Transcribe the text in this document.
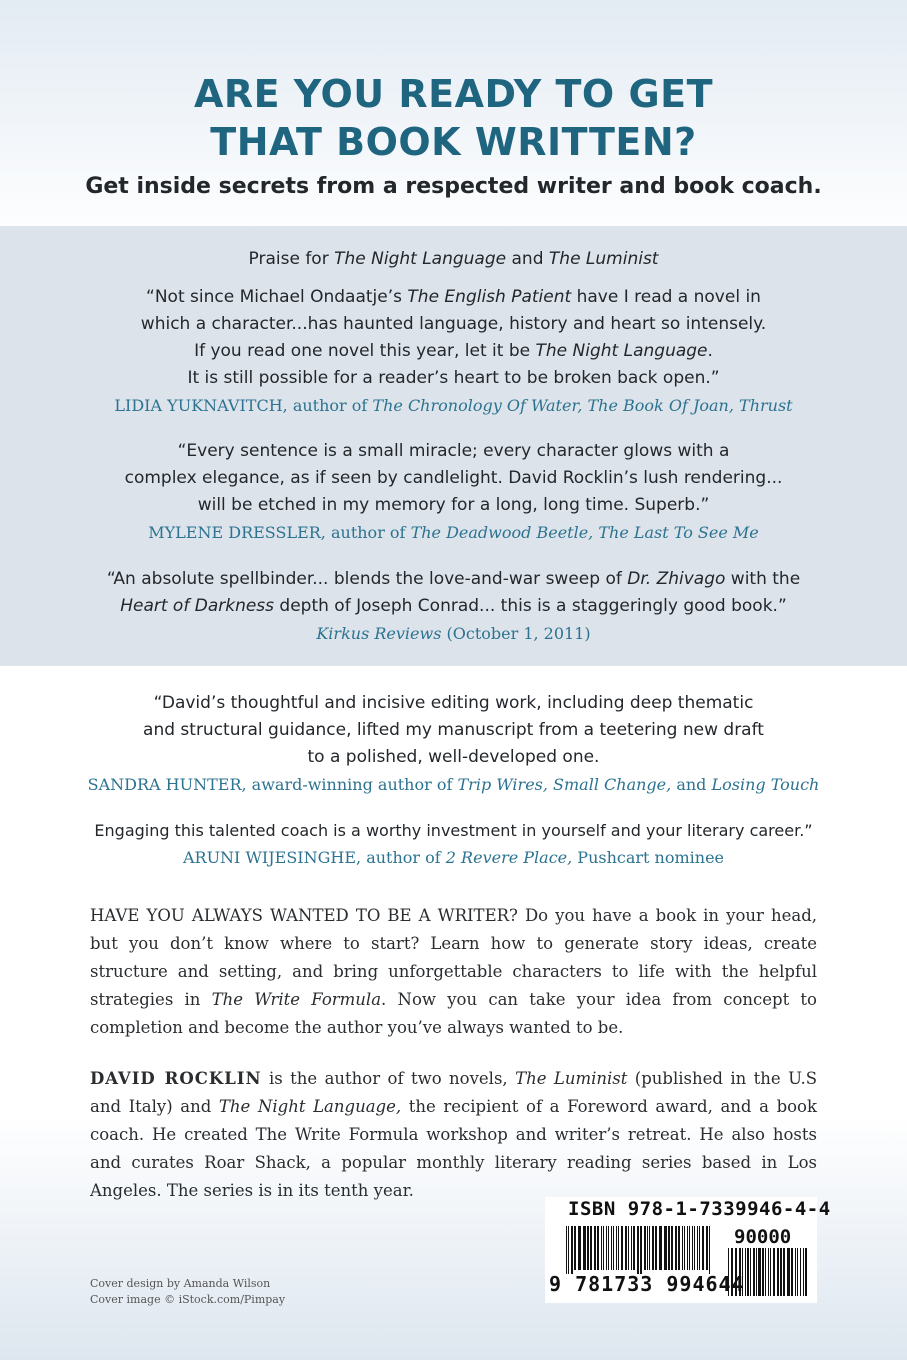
ARE YOU READY TO GET
THAT BOOK WRITTEN?
Get inside secrets from a respected writer and book coach.
Praise for The Night Language and The Luminist
“Not since Michael Ondaatje’s The English Patient have I read a novel in
which a character...has haunted language, history and heart so intensely.
If you read one novel this year, let it be The Night Language.
It is still possible for a reader’s heart to be broken back open.”
LIDIA YUKNAVITCH, author of The Chronology Of Water, The Book Of Joan, Thrust
“Every sentence is a small miracle; every character glows with a
complex elegance, as if seen by candlelight. David Rocklin’s lush rendering...
will be etched in my memory for a long, long time. Superb.”
MYLENE DRESSLER, author of The Deadwood Beetle, The Last To See Me
“An absolute spellbinder... blends the love-and-war sweep of Dr. Zhivago with the
Heart of Darkness depth of Joseph Conrad... this is a staggeringly good book.”
Kirkus Reviews (October 1, 2011)
“David’s thoughtful and incisive editing work, including deep thematic
and structural guidance, lifted my manuscript from a teetering new draft
to a polished, well-developed one.
SANDRA HUNTER, award-winning author of Trip Wires, Small Change, and Losing Touch
Engaging this talented coach is a worthy investment in yourself and your literary career.”
ARUNI WIJESINGHE, author of 2 Revere Place, Pushcart nominee
HAVE YOU ALWAYS WANTED TO BE A WRITER? Do you have a book in your head, but you don’t know where to start? Learn how to generate story ideas, create structure and setting, and bring unforgettable characters to life with the helpful strategies in The Write Formula. Now you can take your idea from concept to completion and become the author you’ve always wanted to be.
DAVID ROCKLIN is the author of two novels, The Luminist (published in the U.S and Italy) and The Night Language, the recipient of a Foreword award, and a book coach. He created The Write Formula workshop and writer’s retreat. He also hosts and curates Roar Shack, a popular monthly literary reading series based in Los Angeles. The series is in its tenth year.
Cover design by Amanda Wilson
Cover image © iStock.com/Pimpay
ISBN 978-1-7339946-4-4
90000
9 781733 994644
